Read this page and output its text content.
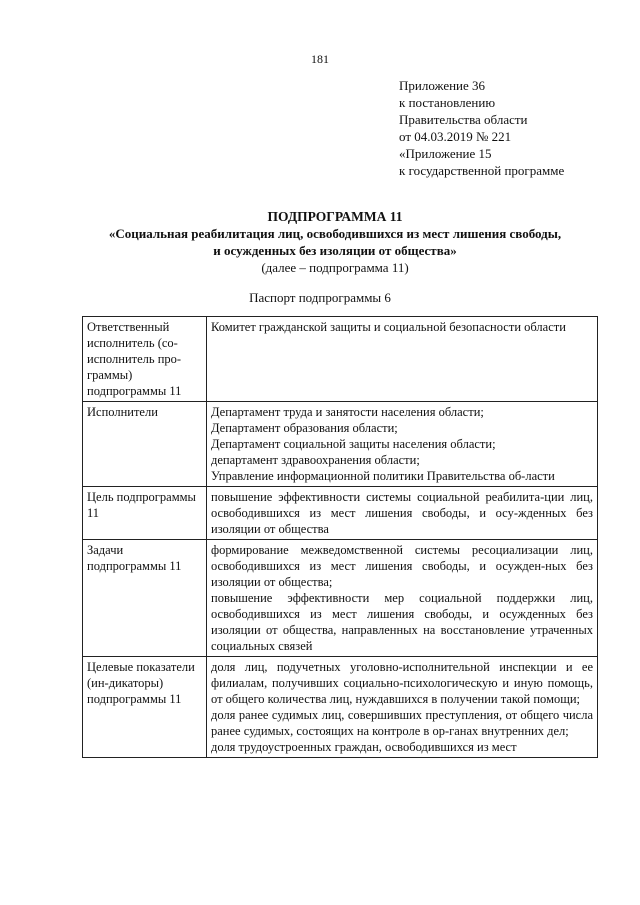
181
Приложение 36
к постановлению
Правительства области
от 04.03.2019 № 221
«Приложение 15
к государственной программе
ПОДПРОГРАММА 11
«Социальная реабилитация лиц, освободившихся из мест лишения свободы,
и осужденных без изоляции от общества»
(далее – подпрограмма 11)
Паспорт подпрограммы 6
Ответственный исполнитель (со-исполнитель про-граммы) подпрограммы 11	Комитет гражданской защиты и социальной безопасности области

Исполнители	Департамент труда и занятости населения области;
Департамент образования области;
Департамент социальной защиты населения области;
департамент здравоохранения области;
Управление информационной политики Правительства об-ласти

Цель подпрограммы 11	повышение эффективности системы социальной реабилита-ции лиц, освободившихся из мест лишения свободы, и осу-жденных без изоляции от общества

Задачи подпрограммы 11	формирование межведомственной системы ресоциализации лиц, освободившихся из мест лишения свободы, и осужден-ных без изоляции от общества;
повышение эффективности мер социальной поддержки лиц, освободившихся из мест лишения свободы, и осужденных без изоляции от общества, направленных на восстановление утраченных социальных связей

Целевые показатели (ин-дикаторы) подпрограммы 11	доля лиц, подучетных уголовно-исполнительной инспекции и ее филиалам, получивших социально-психологическую и иную помощь, от общего количества лиц, нуждавшихся в получении такой помощи;
доля ранее судимых лиц, совершивших преступления, от общего числа ранее судимых, состоящих на контроле в ор-ганах внутренних дел;
доля трудоустроенных граждан, освободившихся из мест
